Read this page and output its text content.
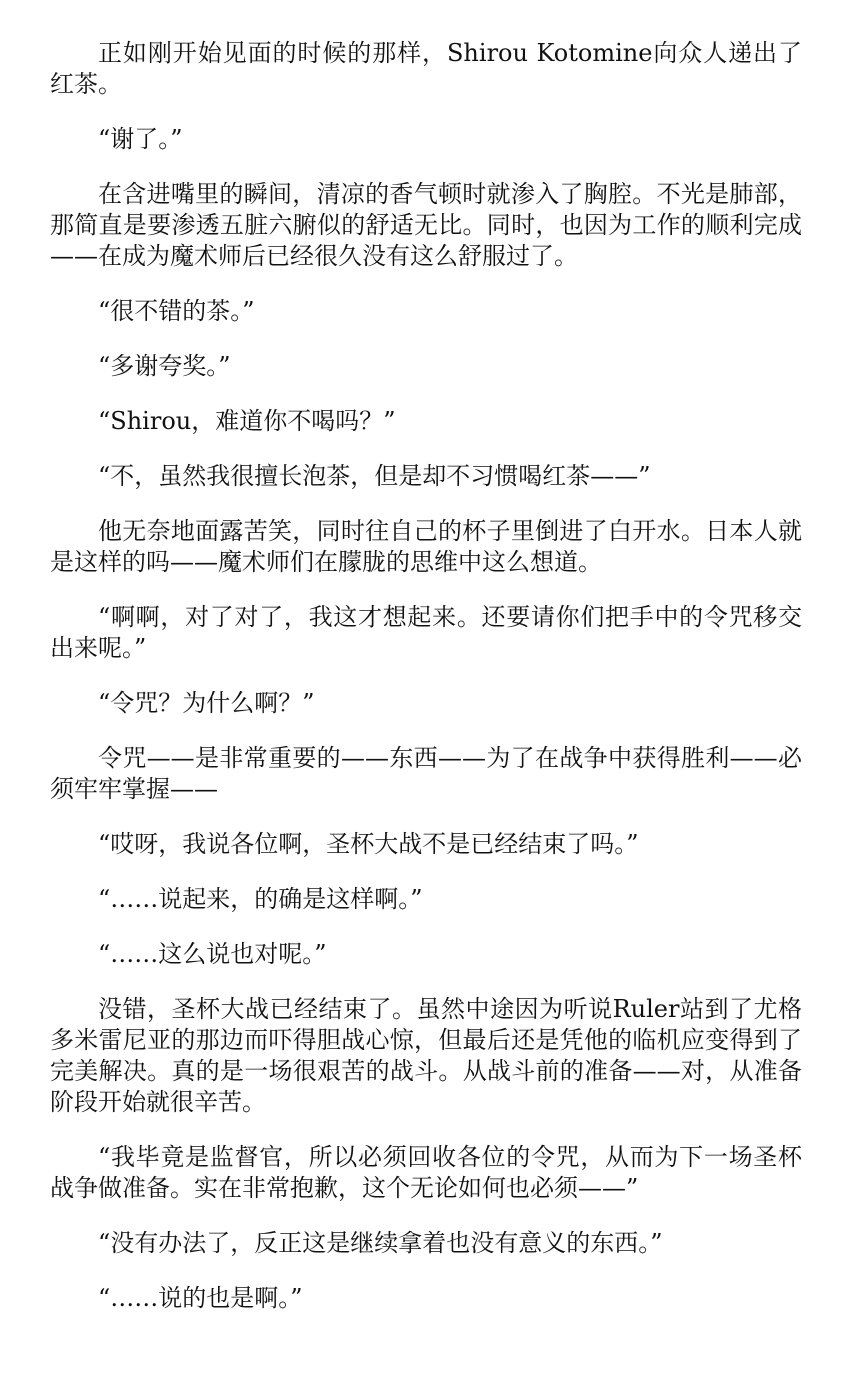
正如刚开始见面的时候的那样，Shirou Kotomine向众人递出了红茶。

“谢了。”

在含进嘴里的瞬间，清凉的香气顿时就渗入了胸腔。不光是肺部，那简直是要渗透五脏六腑似的舒适无比。同时，也因为工作的顺利完成——在成为魔术师后已经很久没有这么舒服过了。

“很不错的茶。”

“多谢夸奖。”

“Shirou，难道你不喝吗？”

“不，虽然我很擅长泡茶，但是却不习惯喝红茶——”

他无奈地面露苦笑，同时往自己的杯子里倒进了白开水。日本人就是这样的吗——魔术师们在朦胧的思维中这么想道。

“啊啊，对了对了，我这才想起来。还要请你们把手中的令咒移交出来呢。”

“令咒？为什么啊？”

令咒——是非常重要的——东西——为了在战争中获得胜利——必须牢牢掌握——

“哎呀，我说各位啊，圣杯大战不是已经结束了吗。”

“……说起来，的确是这样啊。”

“……这么说也对呢。”

没错，圣杯大战已经结束了。虽然中途因为听说Ruler站到了尤格多米雷尼亚的那边而吓得胆战心惊，但最后还是凭他的临机应变得到了完美解决。真的是一场很艰苦的战斗。从战斗前的准备——对，从准备阶段开始就很辛苦。

“我毕竟是监督官，所以必须回收各位的令咒，从而为下一场圣杯战争做准备。实在非常抱歉，这个无论如何也必须——”

“没有办法了，反正这是继续拿着也没有意义的东西。”

“……说的也是啊。”
